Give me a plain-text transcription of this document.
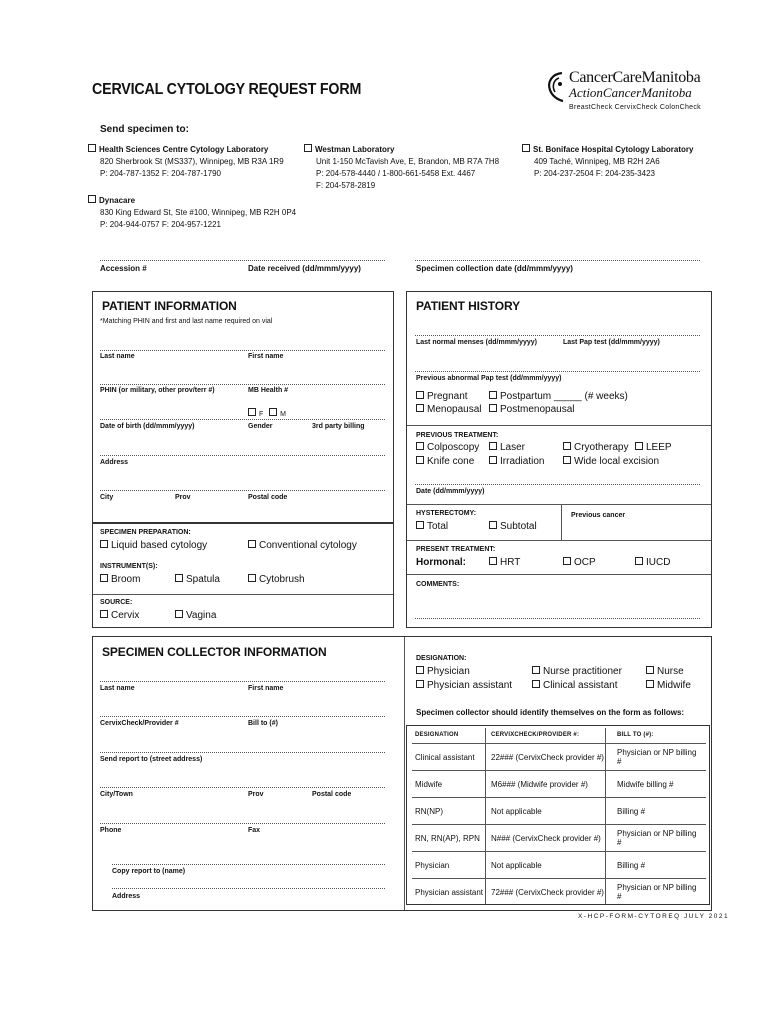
CERVICAL CYTOLOGY REQUEST FORM
CancerCareManitoba
ActionCancerManitoba
BreastCheck CervixCheck ColonCheck
Send specimen to:
Health Sciences Centre Cytology Laboratory
820 Sherbrook St (MS337), Winnipeg, MB R3A 1R9
P: 204-787-1352 F: 204-787-1790
Westman Laboratory
Unit 1-150 McTavish Ave, E, Brandon, MB R7A 7H8
P: 204-578-4440 / 1-800-661-5458 Ext. 4467
F: 204-578-2819
St. Boniface Hospital Cytology Laboratory
409 Taché, Winnipeg, MB R2H 2A6
P: 204-237-2504 F: 204-235-3423
Dynacare
830 King Edward St, Ste #100, Winnipeg, MB R2H 0P4
P: 204-944-0757 F: 204-957-1221
Accession #	Date received (dd/mmm/yyyy)	Specimen collection date (dd/mmm/yyyy)
PATIENT INFORMATION
*Matching PHIN and first and last name required on vial
Last name	First name
PHIN (or military, other prov/terr #)	MB Health #
F M
Date of birth (dd/mmm/yyyy)	Gender	3rd party billing
Address
City	Prov	Postal code
SPECIMEN PREPARATION:
Liquid based cytology	Conventional cytology
INSTRUMENT(S):
Broom	Spatula	Cytobrush
SOURCE:
Cervix	Vagina
PATIENT HISTORY
Last normal menses (dd/mmm/yyyy)	Last Pap test (dd/mmm/yyyy)
Previous abnormal Pap test (dd/mmm/yyyy)
Pregnant	Postpartum _____ (# weeks)
Menopausal	Postmenopausal
PREVIOUS TREATMENT:
Colposcopy	Laser	Cryotherapy	LEEP
Knife cone	Irradiation	Wide local excision
Date (dd/mmm/yyyy)
HYSTERECTOMY:
Total	Subtotal
Previous cancer
PRESENT TREATMENT:
Hormonal:	HRT	OCP	IUCD
COMMENTS:
SPECIMEN COLLECTOR INFORMATION
Last name	First name
CervixCheck/Provider #	Bill to (#)
Send report to (street address)
City/Town	Prov	Postal code
Phone	Fax
Copy report to (name)
Address
DESIGNATION:
Physician	Nurse practitioner	Nurse
Physician assistant	Clinical assistant	Midwife
Specimen collector should identify themselves on the form as follows:
DESIGNATION	CERVIXCHECK/PROVIDER #:	BILL TO (#):
Clinical assistant	22### (CervixCheck provider #)	Physician or NP billing #
Midwife	M6### (Midwife provider #)	Midwife billing #
RN(NP)	Not applicable	Billing #
RN, RN(AP), RPN	N### (CervixCheck provider #)	Physician or NP billing #
Physician	Not applicable	Billing #
Physician assistant	72### (CervixCheck provider #)	Physician or NP billing #
X-HCP-FORM-CYTOREQ JULY 2021
